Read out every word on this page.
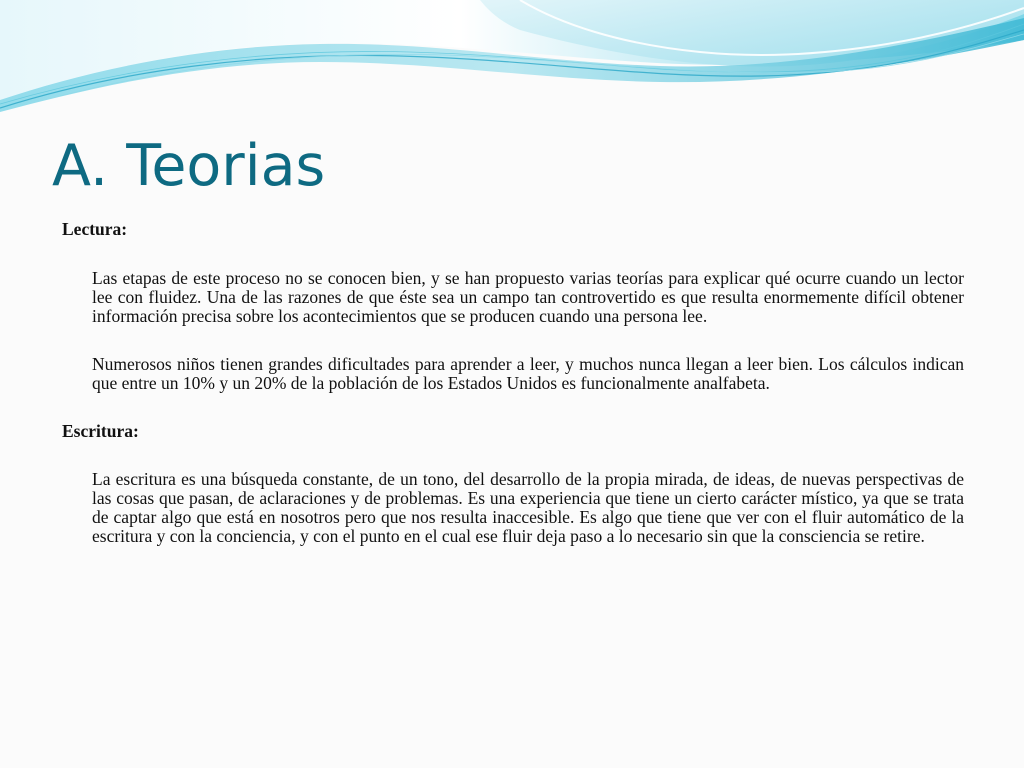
A. Teorias

Lectura:

Las etapas de este proceso no se conocen bien, y se han propuesto varias teorías para explicar qué ocurre cuando un lector lee con fluidez. Una de las razones de que éste sea un campo tan controvertido es que resulta enormemente difícil obtener información precisa sobre los acontecimientos que se producen cuando una persona lee.

Numerosos niños tienen grandes dificultades para aprender a leer, y muchos nunca llegan a leer bien. Los cálculos indican que entre un 10% y un 20% de la población de los Estados Unidos es funcionalmente analfabeta.

Escritura:

La escritura es una búsqueda constante, de un tono, del desarrollo de la propia mirada, de ideas, de nuevas perspectivas de las cosas que pasan, de aclaraciones y de problemas. Es una experiencia que tiene un cierto carácter místico, ya que se trata de captar algo que está en nosotros pero que nos resulta inaccesible. Es algo que tiene que ver con el fluir automático de la escritura y con la conciencia, y con el punto en el cual ese fluir deja paso a lo necesario sin que la consciencia se retire.
